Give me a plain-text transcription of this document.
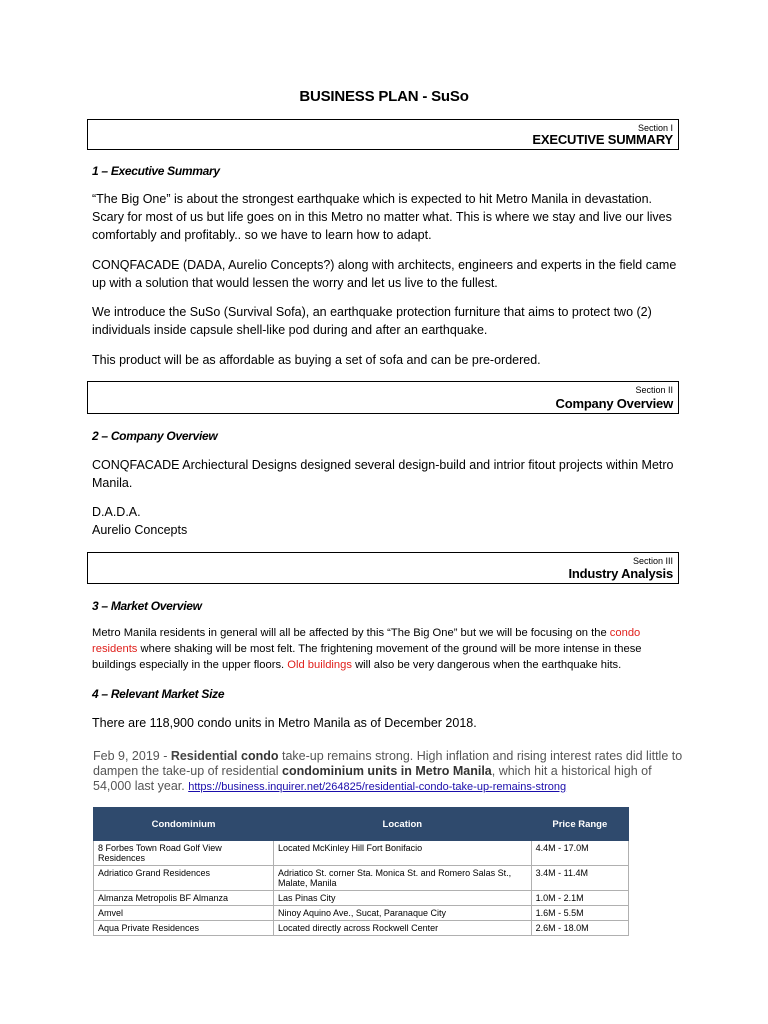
BUSINESS PLAN - SuSo
Section I
EXECUTIVE SUMMARY
1 – Executive Summary
“The Big One” is about the strongest earthquake which is expected to hit Metro Manila in devastation. Scary for most of us but life goes on in this Metro no matter what. This is where we stay and live our lives comfortably and profitably.. so we have to learn how to adapt.
CONQFACADE (DADA, Aurelio Concepts?) along with architects, engineers and experts in the field came up with a solution that would lessen the worry and let us live to the fullest.
We introduce the SuSo (Survival Sofa), an earthquake protection furniture that aims to protect two (2) individuals inside capsule shell-like pod during and after an earthquake.
This product will be as affordable as buying a set of sofa and can be pre-ordered.
Section II
Company Overview
2 – Company Overview
CONQFACADE Archiectural Designs designed several design-build and intrior fitout projects within Metro Manila.
D.A.D.A.
Aurelio Concepts
Section III
Industry Analysis
3 – Market Overview
Metro Manila residents in general will all be affected by this “The Big One” but we will be focusing on the condo residents where shaking will be most felt. The frightening movement of the ground will be more intense in these buildings especially in the upper floors. Old buildings will also be very dangerous when the earthquake hits.
4 – Relevant Market Size
There are 118,900 condo units in Metro Manila as of December 2018.
Feb 9, 2019 - Residential condo take-up remains strong. High inflation and rising interest rates did little to dampen the take-up of residential condominium units in Metro Manila, which hit a historical high of 54,000 last year. https://business.inquirer.net/264825/residential-condo-take-up-remains-strong
Condominium	Location	Price Range
8 Forbes Town Road Golf View Residences	Located McKinley Hill Fort Bonifacio	4.4M - 17.0M
Adriatico Grand Residences	Adriatico St. corner Sta. Monica St. and Romero Salas St., Malate, Manila	3.4M - 11.4M
Almanza Metropolis BF Almanza	Las Pinas City	1.0M - 2.1M
Amvel	Ninoy Aquino Ave., Sucat, Paranaque City	1.6M - 5.5M
Aqua Private Residences	Located directly across Rockwell Center	2.6M - 18.0M
